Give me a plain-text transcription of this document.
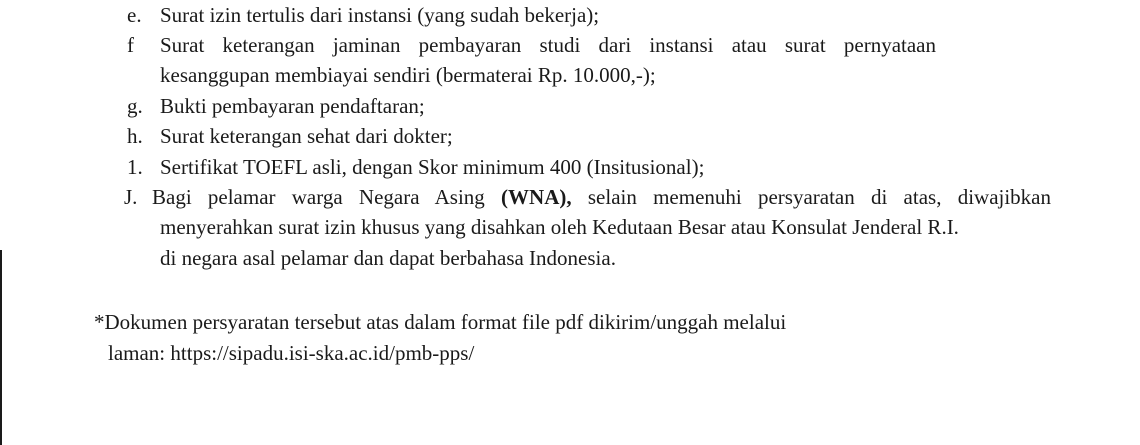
e. Surat izin tertulis dari instansi (yang sudah bekerja);
f Surat keterangan jaminan pembayaran studi dari instansi atau surat pernyataan
kesanggupan membiayai sendiri (bermaterai Rp. 10.000,-);
g. Bukti pembayaran pendaftaran;
h. Surat keterangan sehat dari dokter;
1. Sertifikat TOEFL asli, dengan Skor minimum 400 (Insitusional);
J. Bagi pelamar warga Negara Asing (WNA), selain memenuhi persyaratan di atas, diwajibkan
menyerahkan surat izin khusus yang disahkan oleh Kedutaan Besar atau Konsulat Jenderal R.I.
di negara asal pelamar dan dapat berbahasa Indonesia.
*Dokumen persyaratan tersebut atas dalam format file pdf dikirim/unggah melalui
laman: https://sipadu.isi-ska.ac.id/pmb-pps/
